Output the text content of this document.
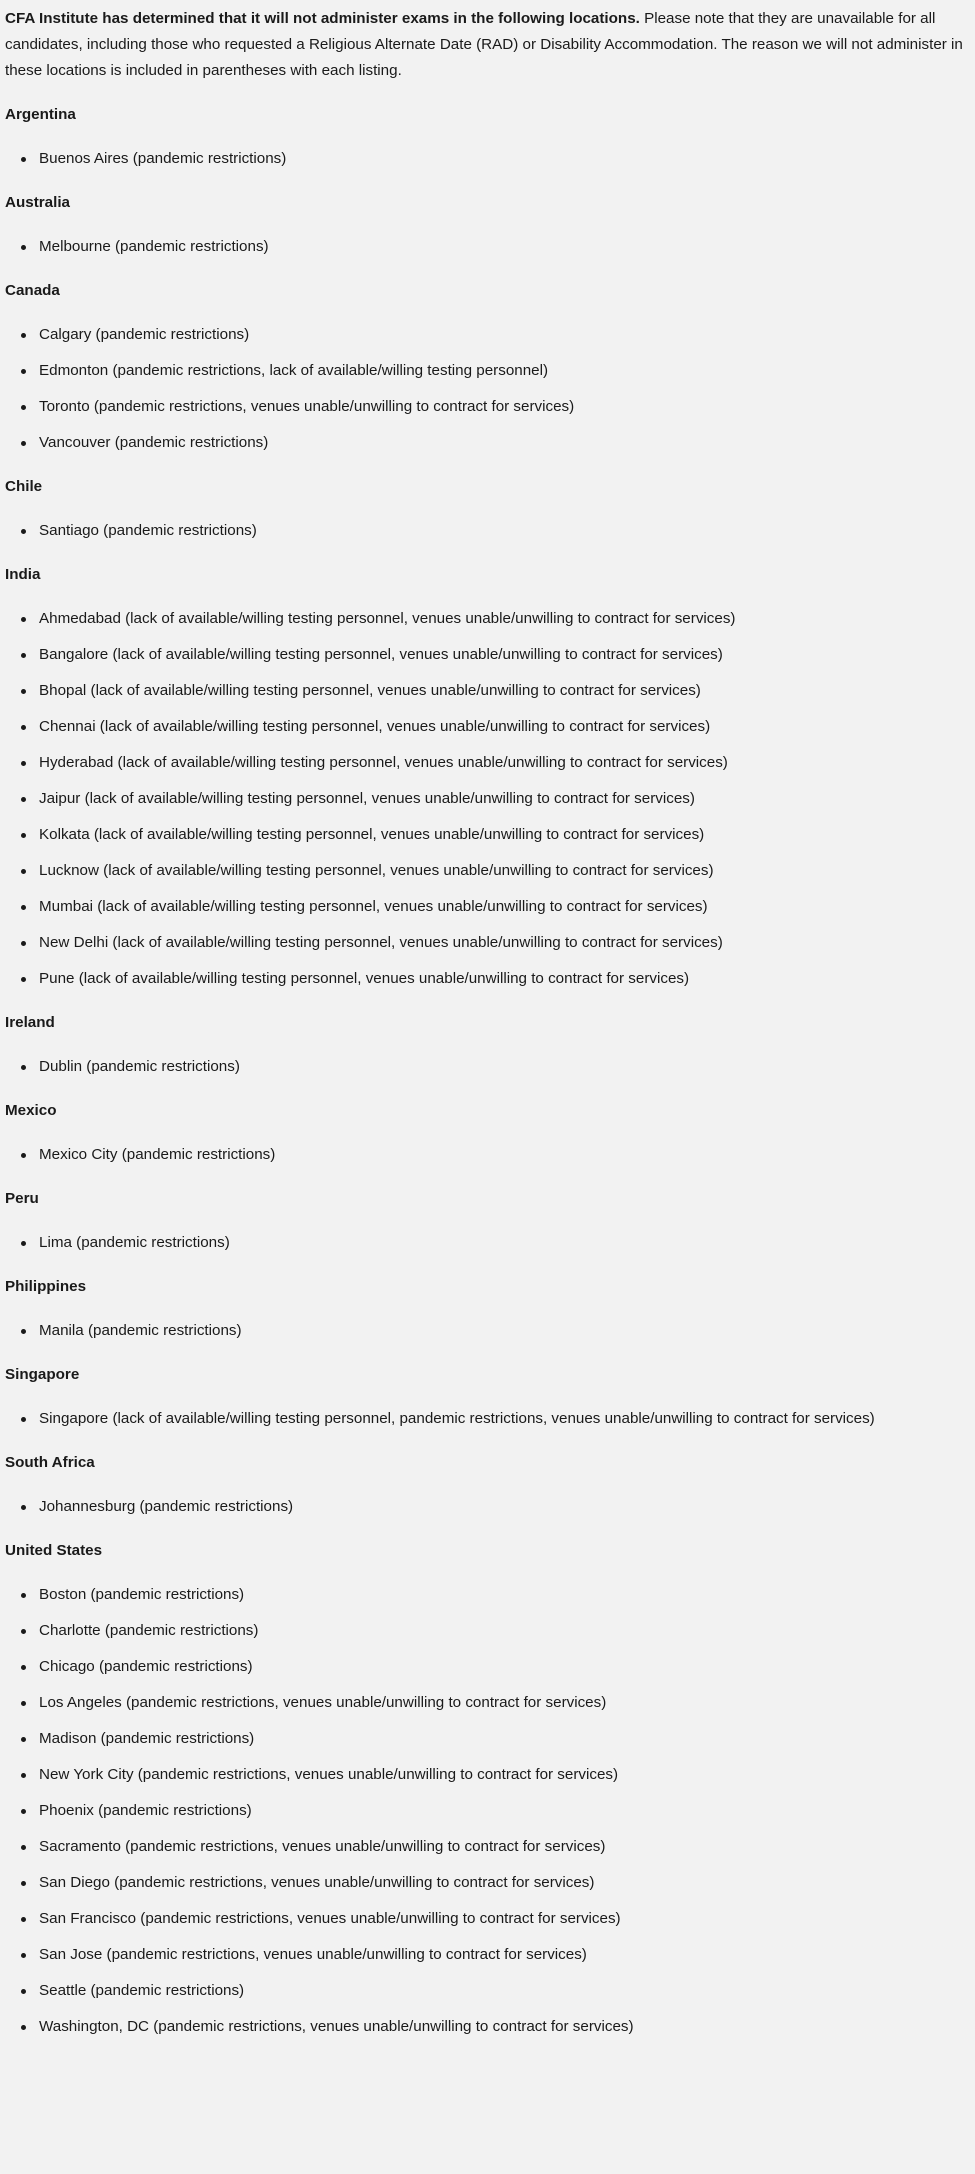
CFA Institute has determined that it will not administer exams in the following locations. Please note that they are unavailable for all candidates, including those who requested a Religious Alternate Date (RAD) or Disability Accommodation. The reason we will not administer in these locations is included in parentheses with each listing.

Argentina
Buenos Aires (pandemic restrictions)
Australia
Melbourne (pandemic restrictions)
Canada
Calgary (pandemic restrictions)
Edmonton (pandemic restrictions, lack of available/willing testing personnel)
Toronto (pandemic restrictions, venues unable/unwilling to contract for services)
Vancouver (pandemic restrictions)
Chile
Santiago (pandemic restrictions)
India
Ahmedabad (lack of available/willing testing personnel, venues unable/unwilling to contract for services)
Bangalore (lack of available/willing testing personnel, venues unable/unwilling to contract for services)
Bhopal (lack of available/willing testing personnel, venues unable/unwilling to contract for services)
Chennai (lack of available/willing testing personnel, venues unable/unwilling to contract for services)
Hyderabad (lack of available/willing testing personnel, venues unable/unwilling to contract for services)
Jaipur (lack of available/willing testing personnel, venues unable/unwilling to contract for services)
Kolkata (lack of available/willing testing personnel, venues unable/unwilling to contract for services)
Lucknow (lack of available/willing testing personnel, venues unable/unwilling to contract for services)
Mumbai (lack of available/willing testing personnel, venues unable/unwilling to contract for services)
New Delhi (lack of available/willing testing personnel, venues unable/unwilling to contract for services)
Pune (lack of available/willing testing personnel, venues unable/unwilling to contract for services)
Ireland
Dublin (pandemic restrictions)
Mexico
Mexico City (pandemic restrictions)
Peru
Lima (pandemic restrictions)
Philippines
Manila (pandemic restrictions)
Singapore
Singapore (lack of available/willing testing personnel, pandemic restrictions, venues unable/unwilling to contract for services)
South Africa
Johannesburg (pandemic restrictions)
United States
Boston (pandemic restrictions)
Charlotte (pandemic restrictions)
Chicago (pandemic restrictions)
Los Angeles (pandemic restrictions, venues unable/unwilling to contract for services)
Madison (pandemic restrictions)
New York City (pandemic restrictions, venues unable/unwilling to contract for services)
Phoenix (pandemic restrictions)
Sacramento (pandemic restrictions, venues unable/unwilling to contract for services)
San Diego (pandemic restrictions, venues unable/unwilling to contract for services)
San Francisco (pandemic restrictions, venues unable/unwilling to contract for services)
San Jose (pandemic restrictions, venues unable/unwilling to contract for services)
Seattle (pandemic restrictions)
Washington, DC (pandemic restrictions, venues unable/unwilling to contract for services)
